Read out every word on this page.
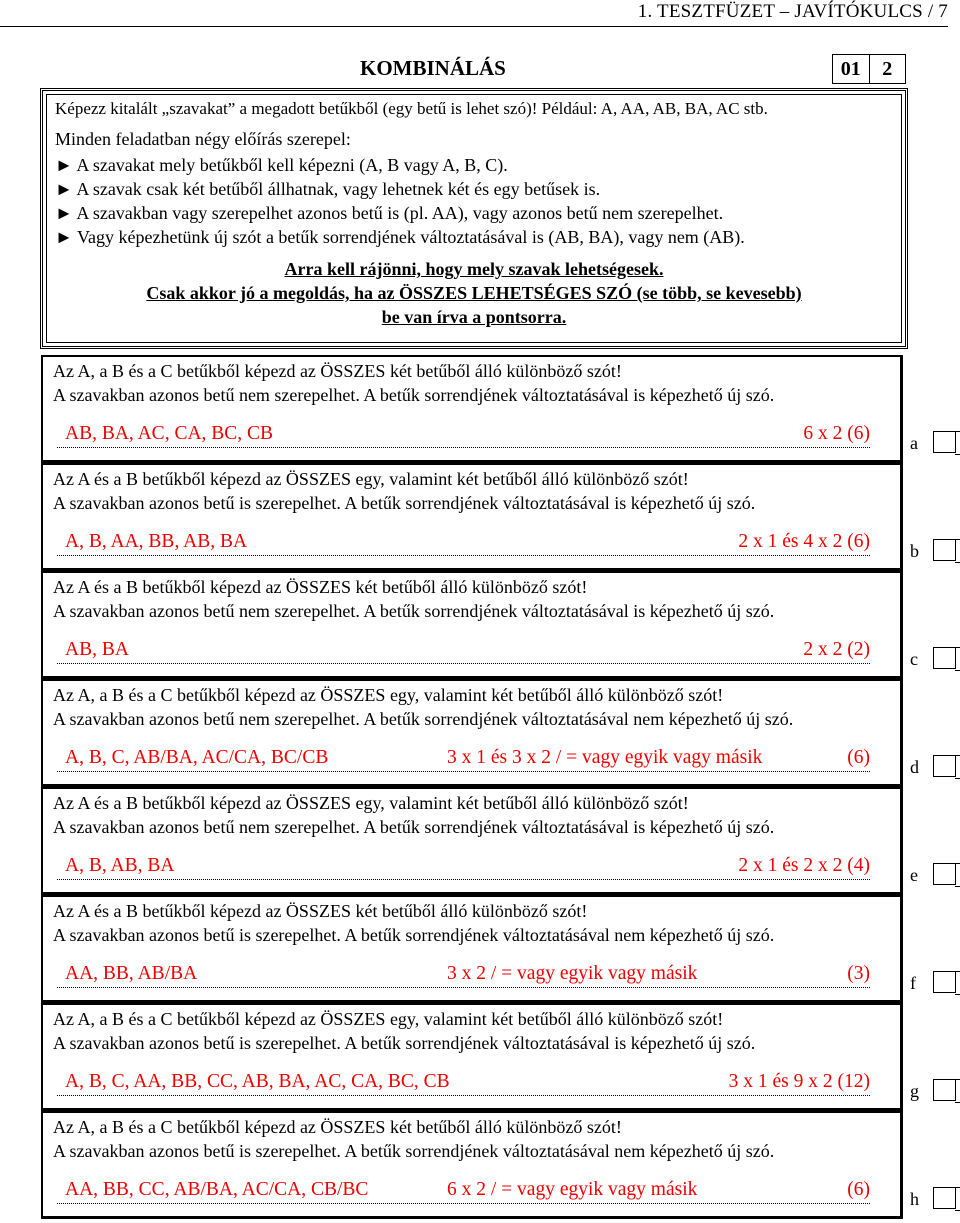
1. TESZTFÜZET – JAVÍTÓKULCS / 7
KOMBINÁLÁS	01	2
Képezz kitalált „szavakat” a megadott betűkből (egy betű is lehet szó)! Például: A, AA, AB, BA, AC stb.
Minden feladatban négy előírás szerepel:
► A szavakat mely betűkből kell képezni (A, B vagy A, B, C).
► A szavak csak két betűből állhatnak, vagy lehetnek két és egy betűsek is.
► A szavakban vagy szerepelhet azonos betű is (pl. AA), vagy azonos betű nem szerepelhet.
► Vagy képezhetünk új szót a betűk sorrendjének változtatásával is (AB, BA), vagy nem (AB).
Arra kell rájönni, hogy mely szavak lehetségesek.
Csak akkor jó a megoldás, ha az ÖSSZES LEHETSÉGES SZÓ (se több, se kevesebb)
be van írva a pontsorra.
Az A, a B és a C betűkből képezd az ÖSSZES két betűből álló különböző szót!
A szavakban azonos betű nem szerepelhet. A betűk sorrendjének változtatásával is képezhető új szó.
AB, BA, AC, CA, BC, CB	6 x 2 (6) a
Az A és a B betűkből képezd az ÖSSZES egy, valamint két betűből álló különböző szót!
A szavakban azonos betű is szerepelhet. A betűk sorrendjének változtatásával is képezhető új szó.
A, B, AA, BB, AB, BA	2 x 1 és 4 x 2 (6) b
Az A és a B betűkből képezd az ÖSSZES két betűből álló különböző szót!
A szavakban azonos betű nem szerepelhet. A betűk sorrendjének változtatásával is képezhető új szó.
AB, BA	2 x 2 (2) c
Az A, a B és a C betűkből képezd az ÖSSZES egy, valamint két betűből álló különböző szót!
A szavakban azonos betű nem szerepelhet. A betűk sorrendjének változtatásával nem képezhető új szó.
A, B, C, AB/BA, AC/CA, BC/CB	3 x 1 és 3 x 2 / = vagy egyik vagy másik	(6) d
Az A és a B betűkből képezd az ÖSSZES egy, valamint két betűből álló különböző szót!
A szavakban azonos betű nem szerepelhet. A betűk sorrendjének változtatásával is képezhető új szó.
A, B, AB, BA	2 x 1 és 2 x 2 (4) e
Az A és a B betűkből képezd az ÖSSZES két betűből álló különböző szót!
A szavakban azonos betű is szerepelhet. A betűk sorrendjének változtatásával nem képezhető új szó.
AA, BB, AB/BA	3 x 2 / = vagy egyik vagy másik	(3) f
Az A, a B és a C betűkből képezd az ÖSSZES egy, valamint két betűből álló különböző szót!
A szavakban azonos betű is szerepelhet. A betűk sorrendjének változtatásával is képezhető új szó.
A, B, C, AA, BB, CC, AB, BA, AC, CA, BC, CB	3 x 1 és 9 x 2 (12) g
Az A, a B és a C betűkből képezd az ÖSSZES két betűből álló különböző szót!
A szavakban azonos betű is szerepelhet. A betűk sorrendjének változtatásával nem képezhető új szó.
AA, BB, CC, AB/BA, AC/CA, CB/BC	6 x 2 / = vagy egyik vagy másik	(6) h
